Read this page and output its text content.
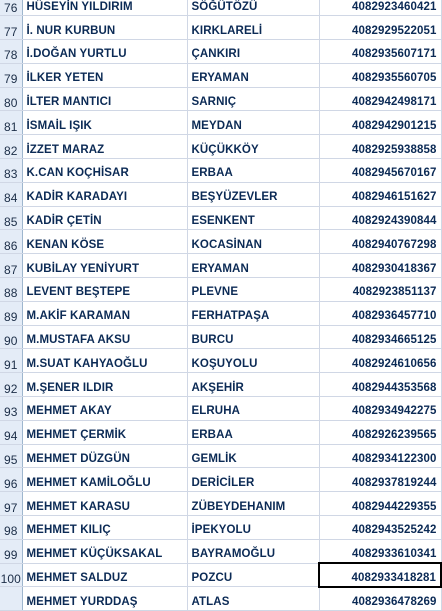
76	HÜSEYİN YILDIRIM	SÖĞÜTÖZÜ	4082923460421
77	İ. NUR KURBUN	KIRKLARELİ	4082929522051
78	İ.DOĞAN YURTLU	ÇANKIRI	4082935607171
79	İLKER YETEN	ERYAMAN	4082935560705
80	İLTER MANTICI	SARNIÇ	4082942498171
81	İSMAİL IŞIK	MEYDAN	4082942901215
82	İZZET MARAZ	KÜÇÜKKÖY	4082925938858
83	K.CAN KOÇHİSAR	ERBAA	4082945670167
84	KADİR KARADAYI	BEŞYÜZEVLER	4082946151627
85	KADİR ÇETİN	ESENKENT	4082924390844
86	KENAN KÖSE	KOCASİNAN	4082940767298
87	KUBİLAY YENİYURT	ERYAMAN	4082930418367
88	LEVENT BEŞTEPE	PLEVNE	4082923851137
89	M.AKİF KARAMAN	FERHATPAŞA	4082936457710
90	M.MUSTAFA AKSU	BURCU	4082934665125
91	M.SUAT KAHYAOĞLU	KOŞUYOLU	4082924610656
92	M.ŞENER ILDIR	AKŞEHİR	4082944353568
93	MEHMET AKAY	ELRUHA	4082934942275
94	MEHMET ÇERMİK	ERBAA	4082926239565
95	MEHMET DÜZGÜN	GEMLİK	4082934122300
96	MEHMET KAMİLOĞLU	DERİCİLER	4082937819244
97	MEHMET KARASU	ZÜBEYDEHANIM	4082944229355
98	MEHMET KILIÇ	İPEKYOLU	4082943525242
99	MEHMET KÜÇÜKSAKAL	BAYRAMOĞLU	4082933610341
100	MEHMET SALDUZ	POZCU	4082933418281
	MEHMET YURDDAŞ	ATLAS	4082936478269
